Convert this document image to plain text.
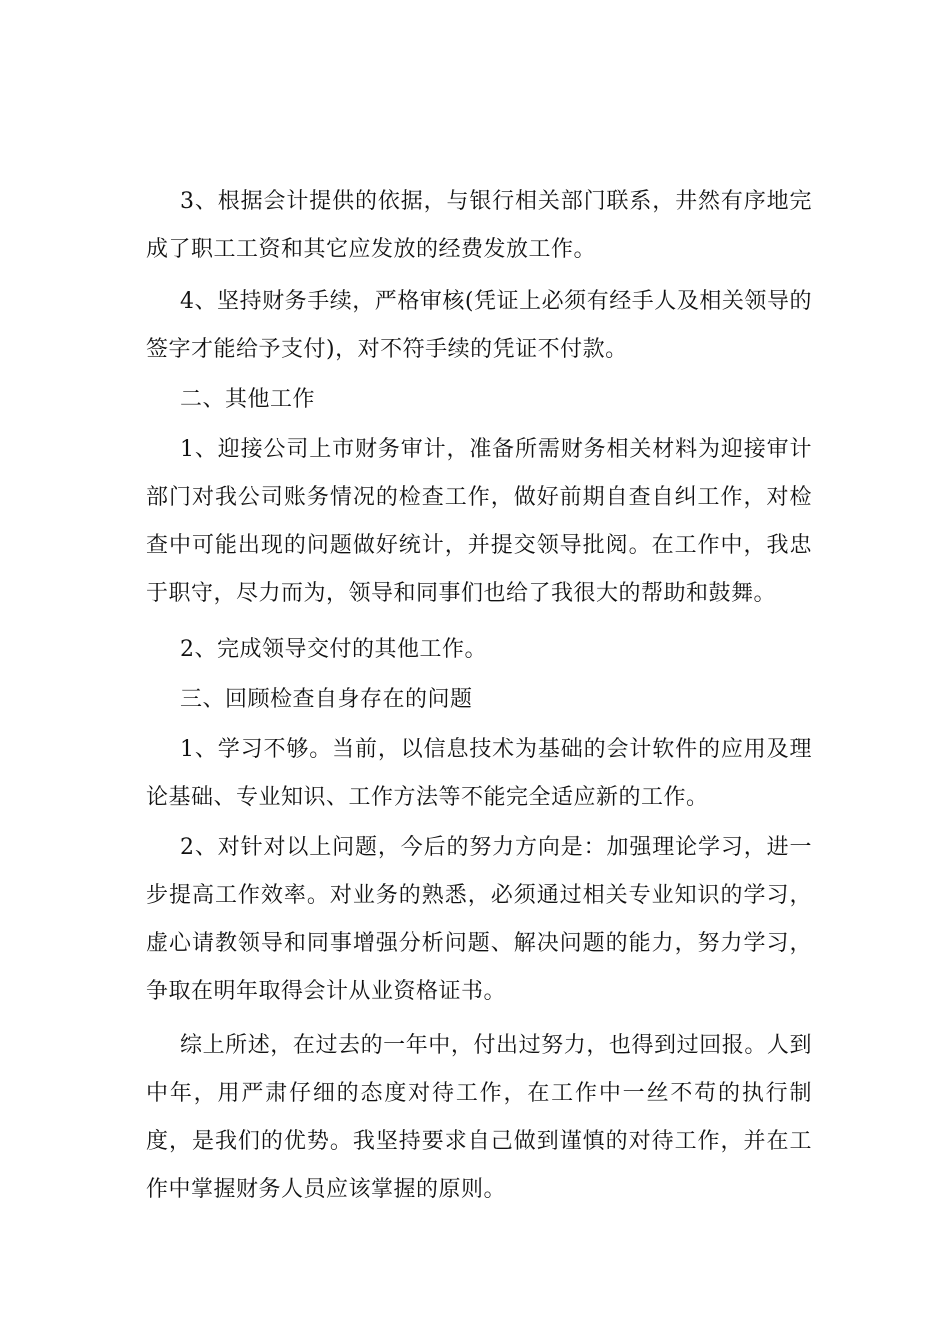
3、根据会计提供的依据，与银行相关部门联系，井然有序地完成了职工工资和其它应发放的经费发放工作。

4、坚持财务手续，严格审核(凭证上必须有经手人及相关领导的签字才能给予支付)，对不符手续的凭证不付款。

二、其他工作

1、迎接公司上市财务审计，准备所需财务相关材料为迎接审计部门对我公司账务情况的检查工作，做好前期自查自纠工作，对检查中可能出现的问题做好统计，并提交领导批阅。在工作中，我忠于职守，尽力而为，领导和同事们也给了我很大的帮助和鼓舞。

2、完成领导交付的其他工作。

三、回顾检查自身存在的问题

1、学习不够。当前，以信息技术为基础的会计软件的应用及理论基础、专业知识、工作方法等不能完全适应新的工作。

2、对针对以上问题，今后的努力方向是：加强理论学习，进一步提高工作效率。对业务的熟悉，必须通过相关专业知识的学习，虚心请教领导和同事增强分析问题、解决问题的能力，努力学习，争取在明年取得会计从业资格证书。

综上所述，在过去的一年中，付出过努力，也得到过回报。人到中年，用严肃仔细的态度对待工作，在工作中一丝不苟的执行制度，是我们的优势。我坚持要求自己做到谨慎的对待工作，并在工作中掌握财务人员应该掌握的原则。
